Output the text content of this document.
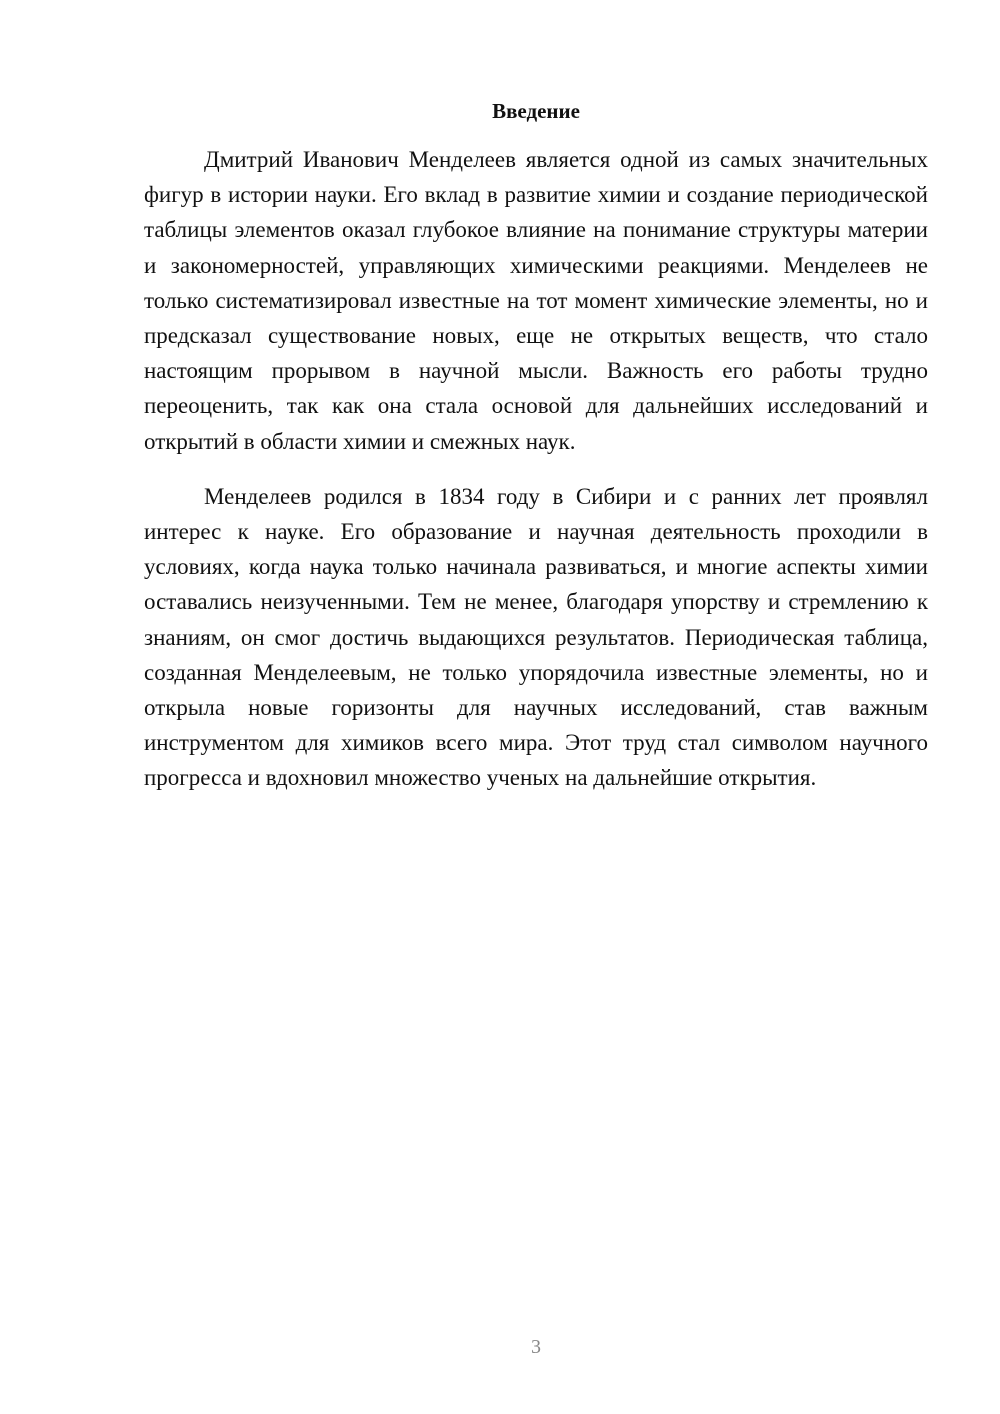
Введение

Дмитрий Иванович Менделеев является одной из самых значительных фигур в истории науки. Его вклад в развитие химии и создание периодической таблицы элементов оказал глубокое влияние на понимание структуры материи и закономерностей, управляющих химическими реакциями. Менделеев не только систематизировал известные на тот момент химические элементы, но и предсказал существование новых, еще не открытых веществ, что стало настоящим прорывом в научной мысли. Важность его работы трудно переоценить, так как она стала основой для дальнейших исследований и открытий в области химии и смежных наук.

Менделеев родился в 1834 году в Сибири и с ранних лет проявлял интерес к науке. Его образование и научная деятельность проходили в условиях, когда наука только начинала развиваться, и многие аспекты химии оставались неизученными. Тем не менее, благодаря упорству и стремлению к знаниям, он смог достичь выдающихся результатов. Периодическая таблица, созданная Менделеевым, не только упорядочила известные элементы, но и открыла новые горизонты для научных исследований, став важным инструментом для химиков всего мира. Этот труд стал символом научного прогресса и вдохновил множество ученых на дальнейшие открытия.

3
